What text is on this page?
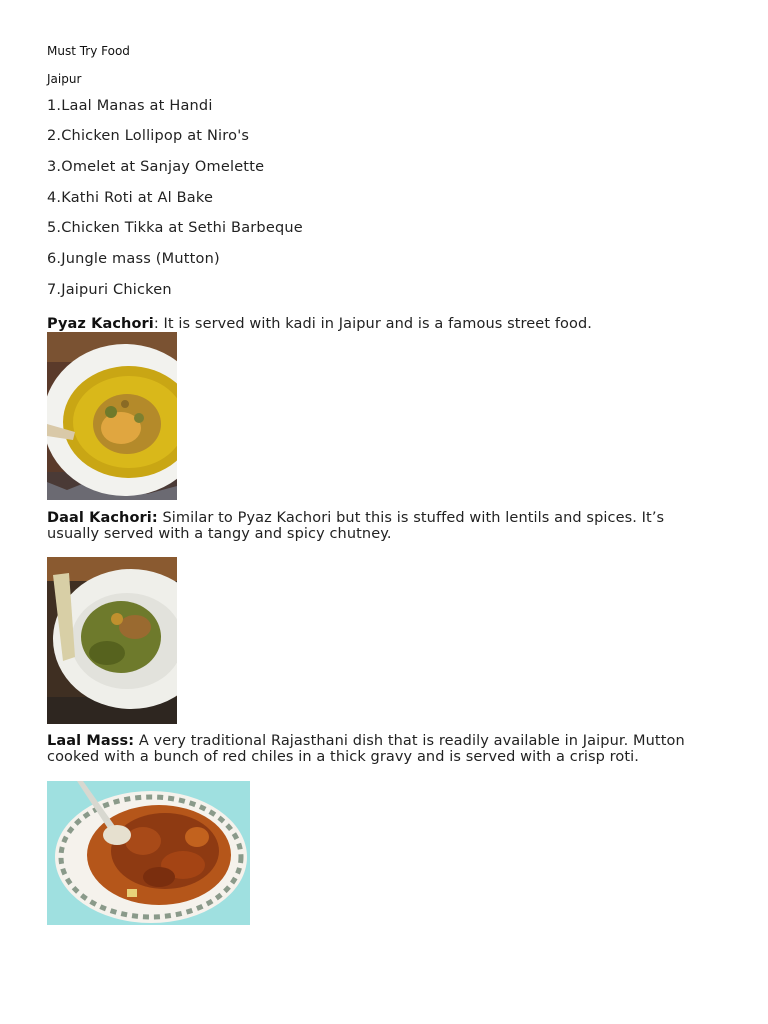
Must Try Food
Jaipur
1.Laal Manas at Handi
2.Chicken Lollipop at Niro's
3.Omelet at Sanjay Omelette
4.Kathi Roti at Al Bake
5.Chicken Tikka at Sethi Barbeque
6.Jungle mass (Mutton)
7.Jaipuri Chicken
Pyaz Kachori: It is served with kadi in Jaipur and is a famous street food.
Daal Kachori: Similar to Pyaz Kachori but this is stuffed with lentils and spices. It’s usually served with a tangy and spicy chutney.
Laal Mass: A very traditional Rajasthani dish that is readily available in Jaipur. Mutton cooked with a bunch of red chiles in a thick gravy and is served with a crisp roti.
